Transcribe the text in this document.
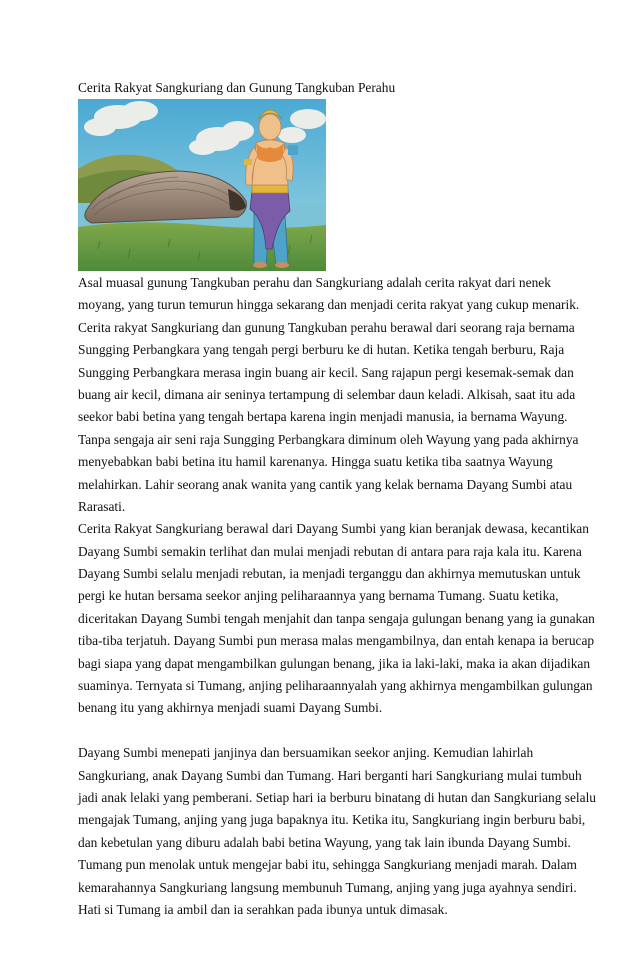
Cerita Rakyat Sangkuriang dan Gunung Tangkuban Perahu
Asal muasal gunung Tangkuban perahu dan Sangkuriang adalah cerita rakyat dari nenek
moyang, yang turun temurun hingga sekarang dan menjadi cerita rakyat yang cukup menarik.
Cerita rakyat Sangkuriang dan gunung Tangkuban perahu berawal dari seorang raja bernama
Sungging Perbangkara yang tengah pergi berburu ke di hutan. Ketika tengah berburu, Raja
Sungging Perbangkara merasa ingin buang air kecil. Sang rajapun pergi kesemak-semak dan
buang air kecil, dimana air seninya tertampung di selembar daun keladi. Alkisah, saat itu ada
seekor babi betina yang tengah bertapa karena ingin menjadi manusia, ia bernama Wayung.
Tanpa sengaja air seni raja Sungging Perbangkara diminum oleh Wayung yang pada akhirnya
menyebabkan babi betina itu hamil karenanya. Hingga suatu ketika tiba saatnya Wayung
melahirkan. Lahir seorang anak wanita yang cantik yang kelak bernama Dayang Sumbi atau
Rarasati.
Cerita Rakyat Sangkuriang berawal dari Dayang Sumbi yang kian beranjak dewasa, kecantikan
Dayang Sumbi semakin terlihat dan mulai menjadi rebutan di antara para raja kala itu. Karena
Dayang Sumbi selalu menjadi rebutan, ia menjadi terganggu dan akhirnya memutuskan untuk
pergi ke hutan bersama seekor anjing peliharaannya yang bernama Tumang. Suatu ketika,
diceritakan Dayang Sumbi tengah menjahit dan tanpa sengaja gulungan benang yang ia gunakan
tiba-tiba terjatuh. Dayang Sumbi pun merasa malas mengambilnya, dan entah kenapa ia berucap
bagi siapa yang dapat mengambilkan gulungan benang, jika ia laki-laki, maka ia akan dijadikan
suaminya. Ternyata si Tumang, anjing peliharaannyalah yang akhirnya mengambilkan gulungan
benang itu yang akhirnya menjadi suami Dayang Sumbi.
Dayang Sumbi menepati janjinya dan bersuamikan seekor anjing. Kemudian lahirlah
Sangkuriang, anak Dayang Sumbi dan Tumang. Hari berganti hari Sangkuriang mulai tumbuh
jadi anak lelaki yang pemberani. Setiap hari ia berburu binatang di hutan dan Sangkuriang selalu
mengajak Tumang, anjing yang juga bapaknya itu. Ketika itu, Sangkuriang ingin berburu babi,
dan kebetulan yang diburu adalah babi betina Wayung, yang tak lain ibunda Dayang Sumbi.
Tumang pun menolak untuk mengejar babi itu, sehingga Sangkuriang menjadi marah. Dalam
kemarahannya Sangkuriang langsung membunuh Tumang, anjing yang juga ayahnya sendiri.
Hati si Tumang ia ambil dan ia serahkan pada ibunya untuk dimasak.
